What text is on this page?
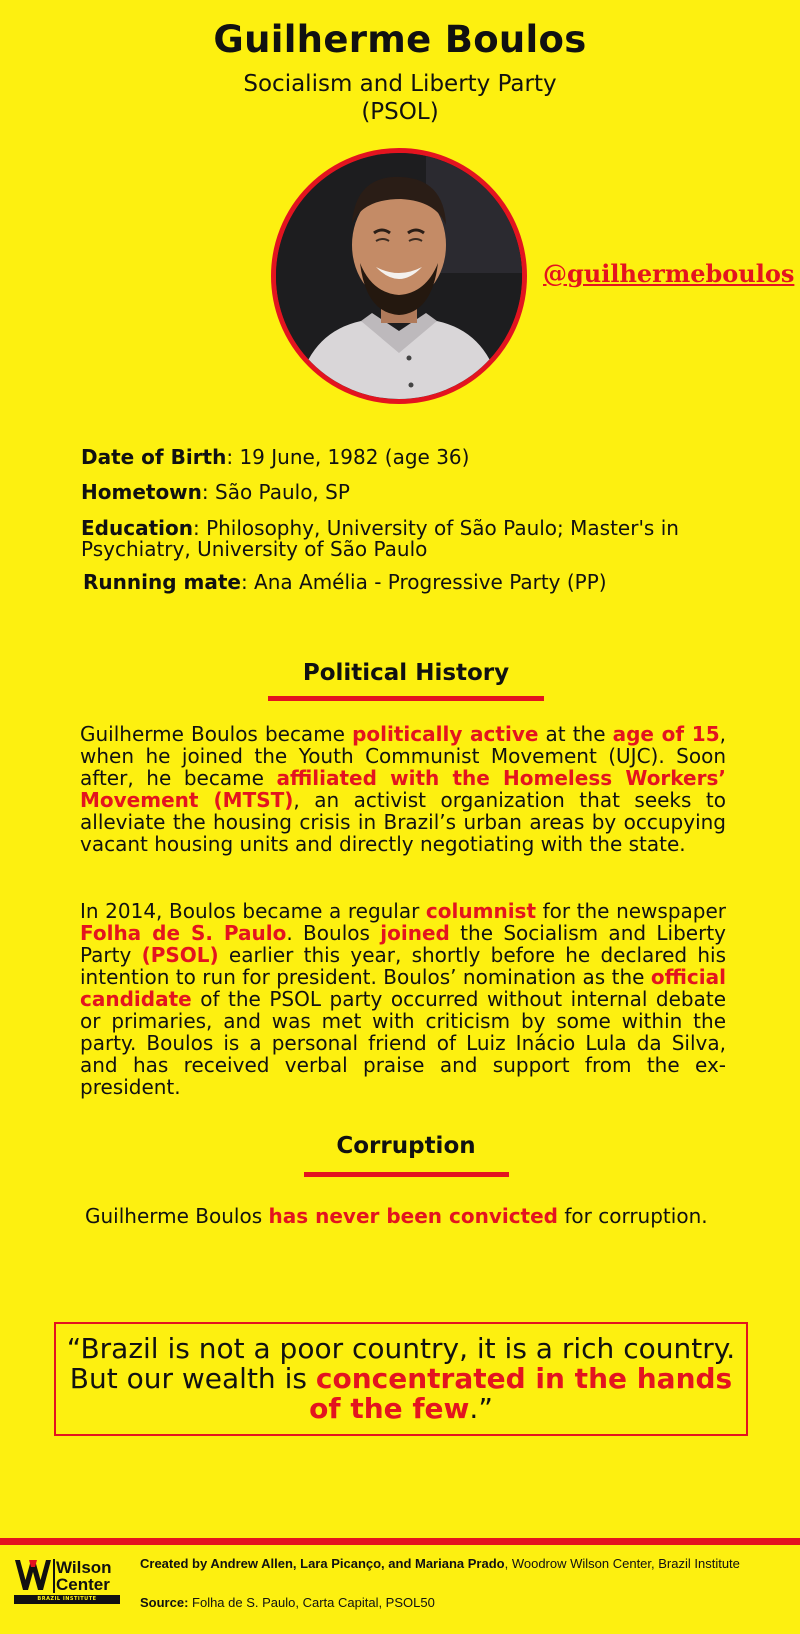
Guilherme Boulos
Socialism and Liberty Party
(PSOL)
@guilhermeboulos
Date of Birth: 19 June, 1982 (age 36)
Hometown: São Paulo, SP
Education: Philosophy, University of São Paulo; Master's in Psychiatry, University of São Paulo
Running mate: Ana Amélia - Progressive Party (PP)
Political History
Guilherme Boulos became politically active at the age of 15, when he joined the Youth Communist Movement (UJC). Soon after, he became affiliated with the Homeless Workers’ Movement (MTST), an activist organization that seeks to alleviate the housing crisis in Brazil’s urban areas by occupying vacant housing units and directly negotiating with the state.
In 2014, Boulos became a regular columnist for the newspaper Folha de S. Paulo. Boulos joined the Socialism and Liberty Party (PSOL) earlier this year, shortly before he declared his intention to run for president. Boulos’ nomination as the official candidate of the PSOL party occurred without internal debate or primaries, and was met with criticism by some within the party. Boulos is a personal friend of Luiz Inácio Lula da Silva, and has received verbal praise and support from the ex-president.
Corruption
Guilherme Boulos has never been convicted for corruption.
“Brazil is not a poor country, it is a rich country. But our wealth is concentrated in the hands of the few.”
Wilson
Center
BRAZIL INSTITUTE
Created by Andrew Allen, Lara Picanço, and Mariana Prado, Woodrow Wilson Center, Brazil Institute
Source: Folha de S. Paulo, Carta Capital, PSOL50
